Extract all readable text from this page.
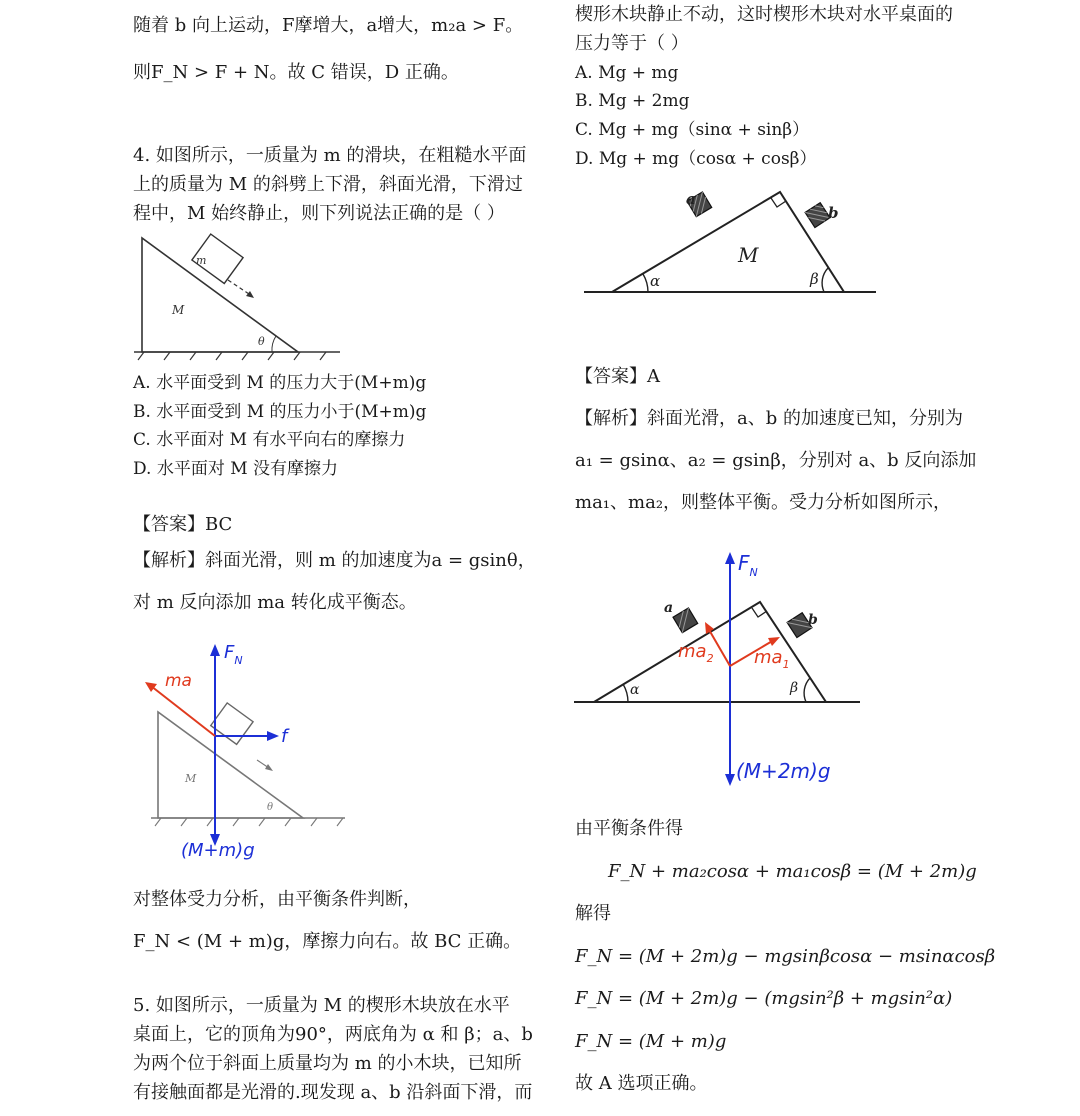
随着 b 向上运动，F摩增大，a增大，m₂a > F。
则F_N > F + N。故 C 错误，D 正确。
4. 如图所示，一质量为 m 的滑块，在粗糙水平面
上的质量为 M 的斜劈上下滑，斜面光滑，下滑过
程中，M 始终静止，则下列说法正确的是（ ）
m
M
θ
A. 水平面受到 M 的压力大于(M+m)g
B. 水平面受到 M 的压力小于(M+m)g
C. 水平面对 M 有水平向右的摩擦力
D. 水平面对 M 没有摩擦力
【答案】BC
【解析】斜面光滑，则 m 的加速度为a = gsinθ，
对 m 反向添加 ma 转化成平衡态。
M
θ
$F_N$
f
ma
(M+m)g
对整体受力分析，由平衡条件判断，
F_N < (M + m)g，摩擦力向右。故 BC 正确。
5. 如图所示，一质量为 M 的楔形木块放在水平
桌面上，它的顶角为90°，两底角为 α 和 β；a、b
为两个位于斜面上质量均为 m 的小木块，已知所
有接触面都是光滑的.现发现 a、b 沿斜面下滑，而
楔形木块静止不动，这时楔形木块对水平桌面的
压力等于（ ）
A. Mg + mg
B. Mg + 2mg
C. Mg + mg（sinα + sinβ）
D. Mg + mg（cosα + cosβ）
a
b
M
α	β
【答案】A
【解析】斜面光滑，a、b 的加速度已知，分别为
a₁ = gsinα、a₂ = gsinβ，分别对 a、b 反向添加
ma₁、ma₂，则整体平衡。受力分析如图所示，
a
b
α	β
$F_N$
$ma_2$ $ma_1$
(M+2m)g
由平衡条件得
F_N + ma₂cosα + ma₁cosβ = (M + 2m)g
解得
F_N = (M + 2m)g − mgsinβcosα − msinαcosβ
F_N = (M + 2m)g − (mgsin²β + mgsin²α)
F_N = (M + m)g
故 A 选项正确。
